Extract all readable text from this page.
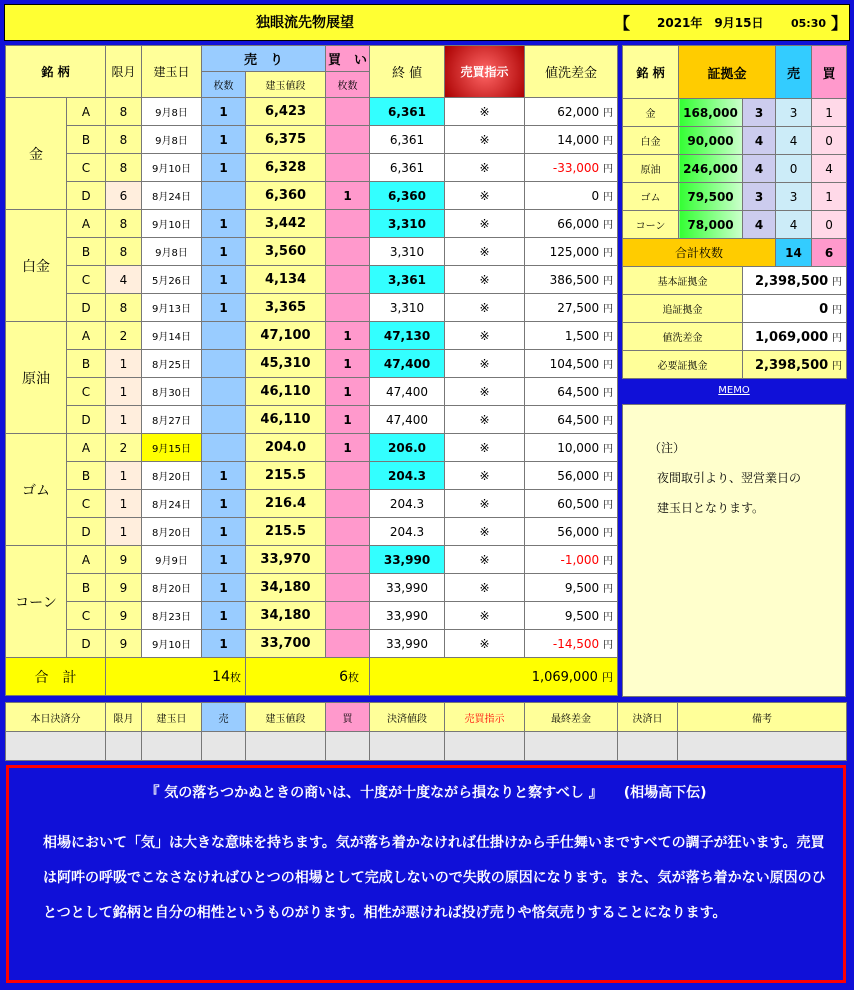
独眼流先物展望	【 2021年　9月15日	05:30 】
銘 柄		限月	建玉日	売　り		買　い	終 値	売買指示	値洗差金
				枚数	建玉値段	枚数			
金	A	8	9月8日	1	6,423		6,361	※	62,000 円
	B	8	9月8日	1	6,375		6,361	※	14,000 円
	C	8	9月10日	1	6,328		6,361	※	-33,000 円
	D	6	8月24日		6,360	1	6,360	※	0 円
白金	A	8	9月10日	1	3,442		3,310	※	66,000 円
	B	8	9月8日	1	3,560		3,310	※	125,000 円
	C	4	5月26日	1	4,134		3,361	※	386,500 円
	D	8	9月13日	1	3,365		3,310	※	27,500 円
原油	A	2	9月14日		47,100	1	47,130	※	1,500 円
	B	1	8月25日		45,310	1	47,400	※	104,500 円
	C	1	8月30日		46,110	1	47,400	※	64,500 円
	D	1	8月27日		46,110	1	47,400	※	64,500 円
ゴム	A	2	9月15日		204.0	1	206.0	※	10,000 円
	B	1	8月20日	1	215.5		204.3	※	56,000 円
	C	1	8月24日	1	216.4		204.3	※	60,500 円
	D	1	8月20日	1	215.5		204.3	※	56,000 円
コーン	A	9	9月9日	1	33,970		33,990	※	-1,000 円
	B	9	8月20日	1	34,180		33,990	※	9,500 円
	C	9	8月23日	1	34,180		33,990	※	9,500 円
	D	9	9月10日	1	33,700		33,990	※	-14,500 円
合　計		14枚			6枚		1,069,000 円		
銘 柄	証拠金		売	買
金	168,000	3	3	1
白金	90,000	4	4	0
原油	246,000	4	0	4
ゴム	79,500	3	3	1
コーン	78,000	4	4	0
合計枚数			14	6
基本証拠金		2,398,500 円		
追証拠金		0 円		
値洗差金		1,069,000 円		
必要証拠金		2,398,500 円		
MEMO
（注）
夜間取引より、翌営業日の
建玉日となります。
本日決済分	限月	建玉日	売	建玉値段	買	決済値段	売買指示	最終差金	決済日	備考

『 気の落ちつかぬときの商いは、十度が十度ながら損なりと察すべし 』　　(相場高下伝)
相場において「気」は大きな意味を持ちます。気が落ち着かなければ仕掛けから手仕舞いまですべての調子が狂います。売買は阿吽の呼吸でこなさなければひとつの相場として完成しないので失敗の原因になります。また、気が落ち着かない原因のひとつとして銘柄と自分の相性というものがります。相性が悪ければ投げ売りや悋気売りすることになります。
